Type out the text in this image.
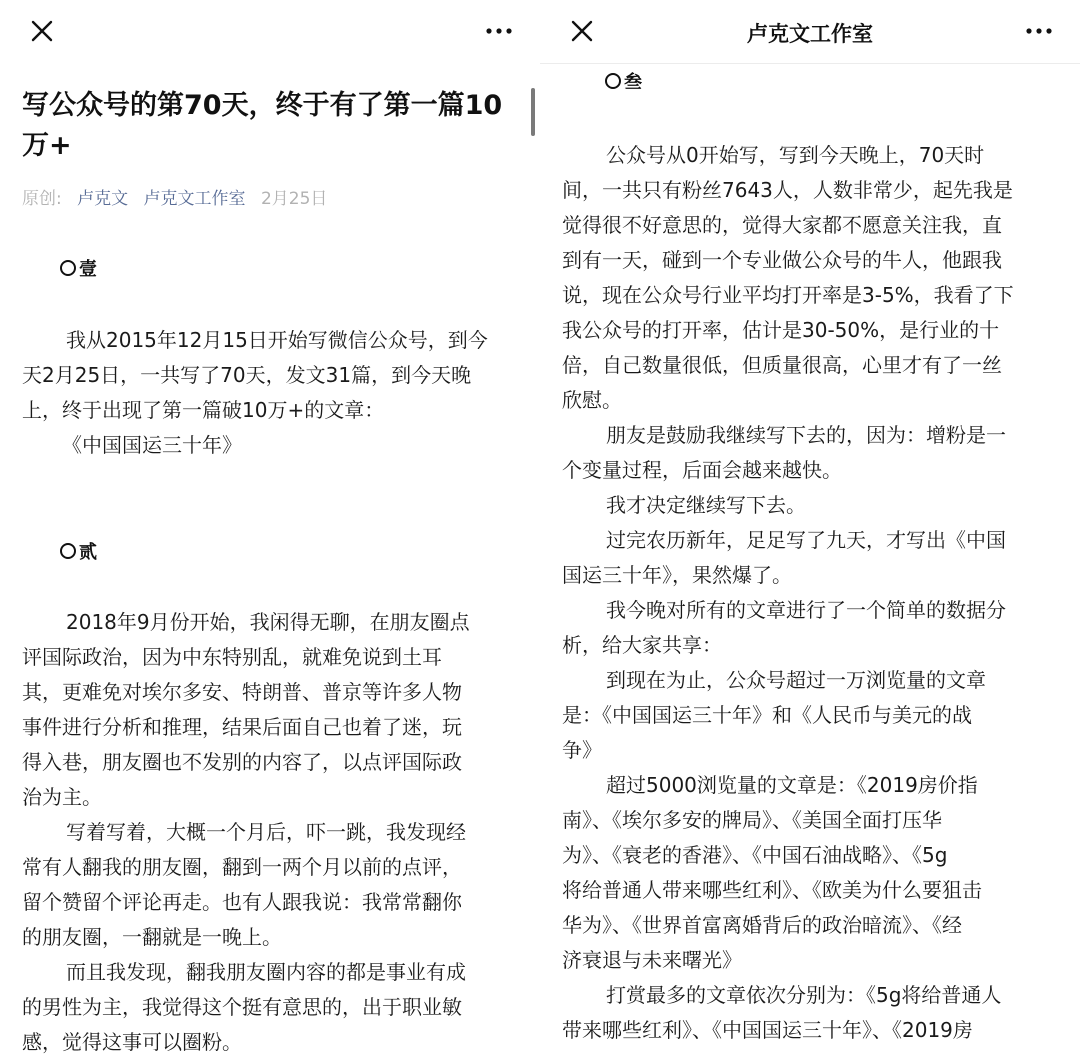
写公众号的第70天，终于有了第一篇10万+
原创: 卢克文 卢克文工作室 2月25日
壹
我从2015年12月15日开始写微信公众号，到今
天2月25日，一共写了70天，发文31篇，到今天晚
上，终于出现了第一篇破10万+的文章：
《中国国运三十年》
贰
2018年9月份开始，我闲得无聊，在朋友圈点
评国际政治，因为中东特别乱，就难免说到土耳
其，更难免对埃尔多安、特朗普、普京等许多人物
事件进行分析和推理，结果后面自己也着了迷，玩
得入巷，朋友圈也不发别的内容了，以点评国际政
治为主。
写着写着，大概一个月后，吓一跳，我发现经
常有人翻我的朋友圈，翻到一两个月以前的点评，
留个赞留个评论再走。也有人跟我说：我常常翻你
的朋友圈，一翻就是一晚上。
而且我发现，翻我朋友圈内容的都是事业有成
的男性为主，我觉得这个挺有意思的，出于职业敏
感，觉得这事可以圈粉。
卢克文工作室
叁
公众号从0开始写，写到今天晚上，70天时
间，一共只有粉丝7643人，人数非常少，起先我是
觉得很不好意思的，觉得大家都不愿意关注我，直
到有一天，碰到一个专业做公众号的牛人，他跟我
说，现在公众号行业平均打开率是3-5%，我看了下
我公众号的打开率，估计是30-50%，是行业的十
倍，自己数量很低，但质量很高，心里才有了一丝
欣慰。
朋友是鼓励我继续写下去的，因为：增粉是一
个变量过程，后面会越来越快。
我才决定继续写下去。
过完农历新年，足足写了九天，才写出《中国
国运三十年》，果然爆了。
我今晚对所有的文章进行了一个简单的数据分
析，给大家共享：
到现在为止，公众号超过一万浏览量的文章
是：《中国国运三十年》和《人民币与美元的战
争》
超过5000浏览量的文章是：《2019房价指
南》、《埃尔多安的牌局》、《美国全面打压华
为》、《衰老的香港》、《中国石油战略》、《5g
将给普通人带来哪些红利》、《欧美为什么要狙击
华为》、《世界首富离婚背后的政治暗流》、《经
济衰退与未来曙光》
打赏最多的文章依次分别为：《5g将给普通人
带来哪些红利》、《中国国运三十年》、《2019房
